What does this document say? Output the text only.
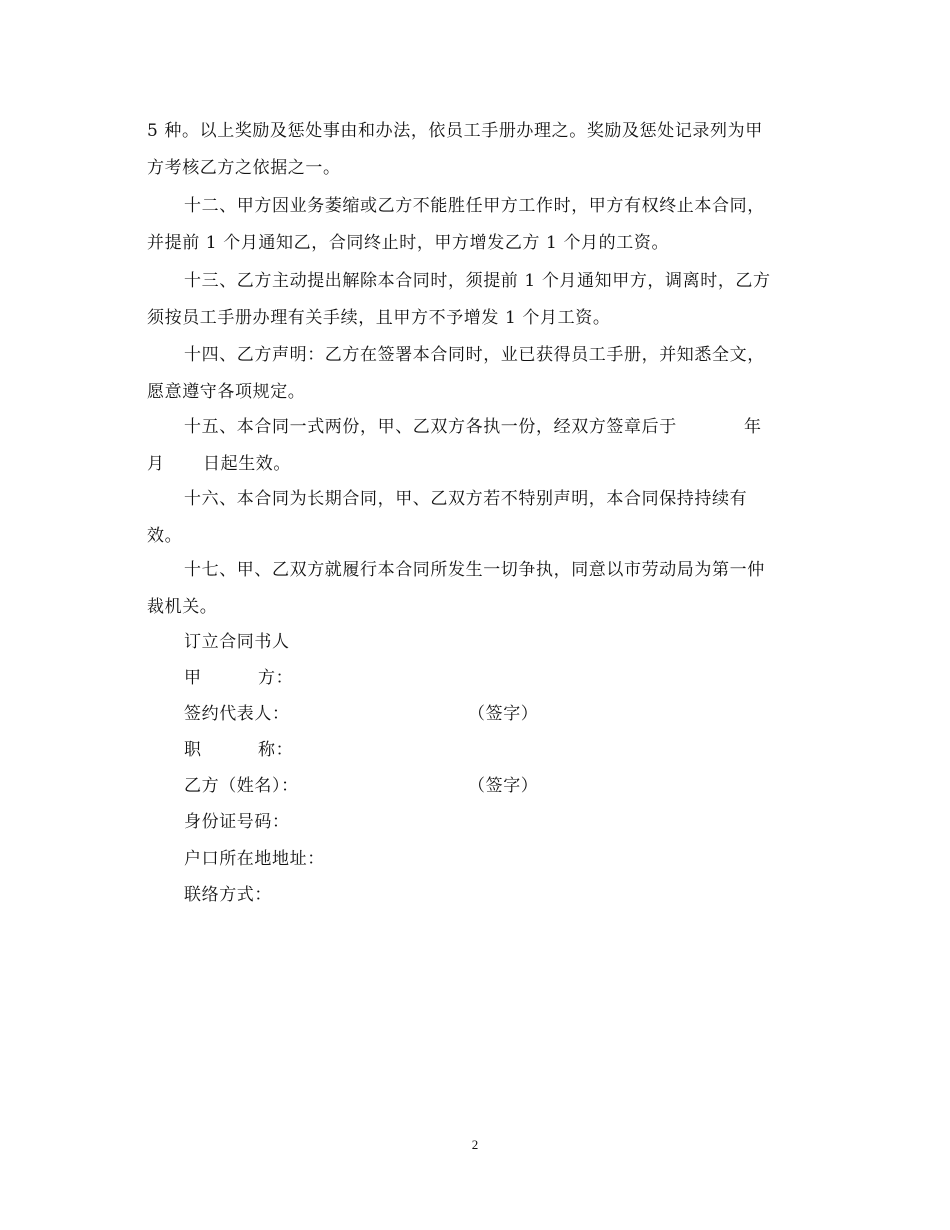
5 种。以上奖励及惩处事由和办法，依员工手册办理之。奖励及惩处记录列为甲
方考核乙方之依据之一。
十二、甲方因业务萎缩或乙方不能胜任甲方工作时，甲方有权终止本合同，
并提前 1 个月通知乙，合同终止时，甲方增发乙方 1 个月的工资。
十三、乙方主动提出解除本合同时，须提前 1 个月通知甲方，调离时，乙方
须按员工手册办理有关手续，且甲方不予增发 1 个月工资。
十四、乙方声明：乙方在签署本合同时，业已获得员工手册，并知悉全文，
愿意遵守各项规定。
十五、本合同一式两份，甲、乙双方各执一份，经双方签章后于	年
月 日起生效。
十六、本合同为长期合同，甲、乙双方若不特别声明，本合同保持持续有
效。
十七、甲、乙双方就履行本合同所发生一切争执，同意以市劳动局为第一仲
裁机关。
订立合同书人
甲	方：
签约代表人：	（签字）
职	称：
乙方（姓名）：	（签字）
身份证号码：
户口所在地地址：
联络方式：
2
